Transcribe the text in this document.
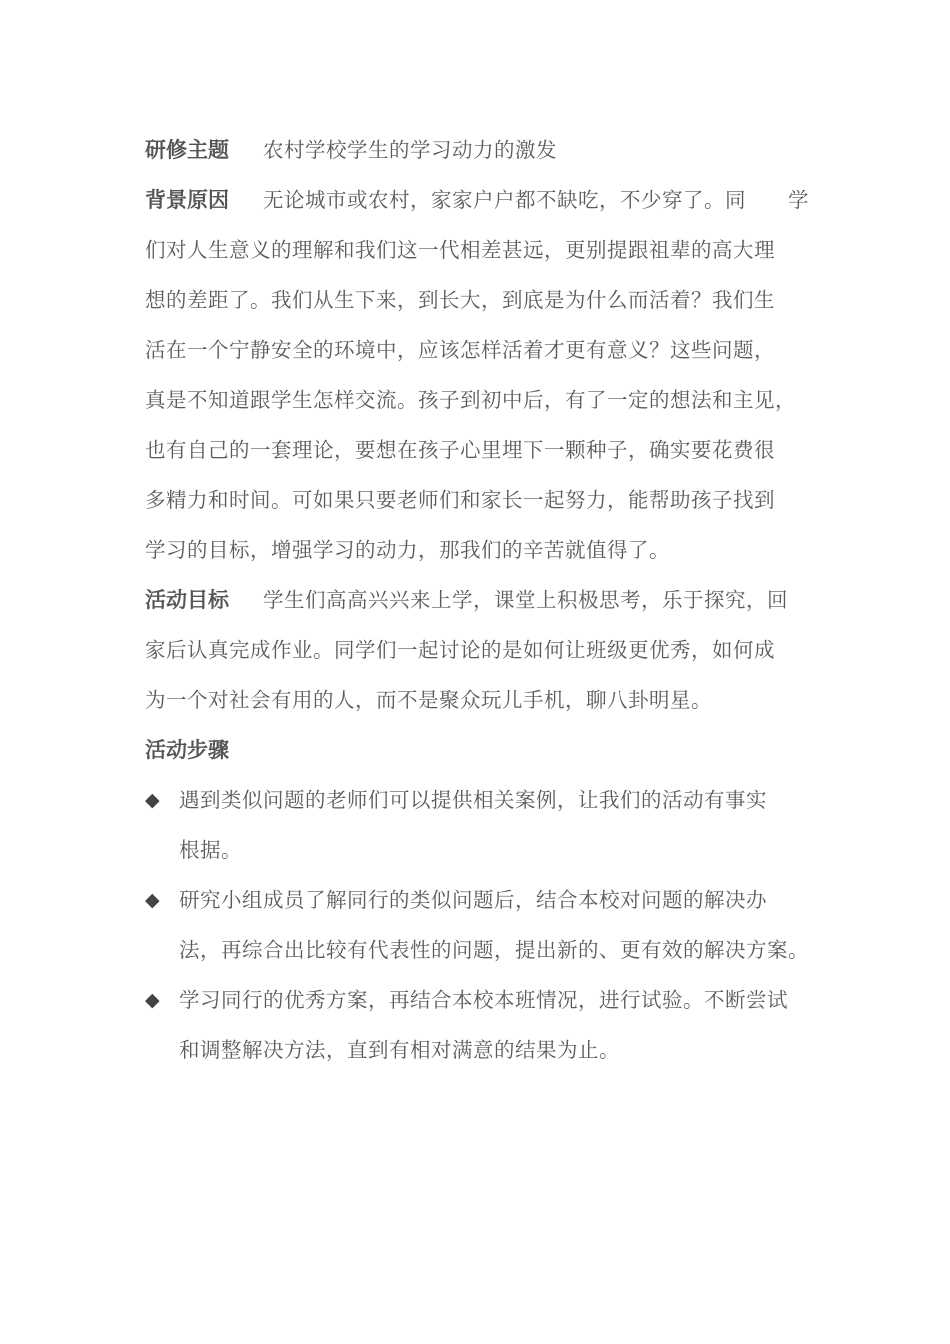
研修主题 农村学校学生的学习动力的激发
背景原因 无论城市或农村，家家户户都不缺吃，不少穿了。同　　学
们对人生意义的理解和我们这一代相差甚远，更别提跟祖辈的高大理
想的差距了。我们从生下来，到长大，到底是为什么而活着？我们生
活在一个宁静安全的环境中，应该怎样活着才更有意义？这些问题，
真是不知道跟学生怎样交流。孩子到初中后，有了一定的想法和主见，
也有自己的一套理论，要想在孩子心里埋下一颗种子，确实要花费很
多精力和时间。可如果只要老师们和家长一起努力，能帮助孩子找到
学习的目标，增强学习的动力，那我们的辛苦就值得了。
活动目标 学生们高高兴兴来上学，课堂上积极思考，乐于探究，回
家后认真完成作业。同学们一起讨论的是如何让班级更优秀，如何成
为一个对社会有用的人，而不是聚众玩儿手机，聊八卦明星。
活动步骤
◆ 遇到类似问题的老师们可以提供相关案例，让我们的活动有事实
根据。
◆ 研究小组成员了解同行的类似问题后，结合本校对问题的解决办
法，再综合出比较有代表性的问题，提出新的、更有效的解决方案。
◆ 学习同行的优秀方案，再结合本校本班情况，进行试验。不断尝试
和调整解决方法，直到有相对满意的结果为止。
